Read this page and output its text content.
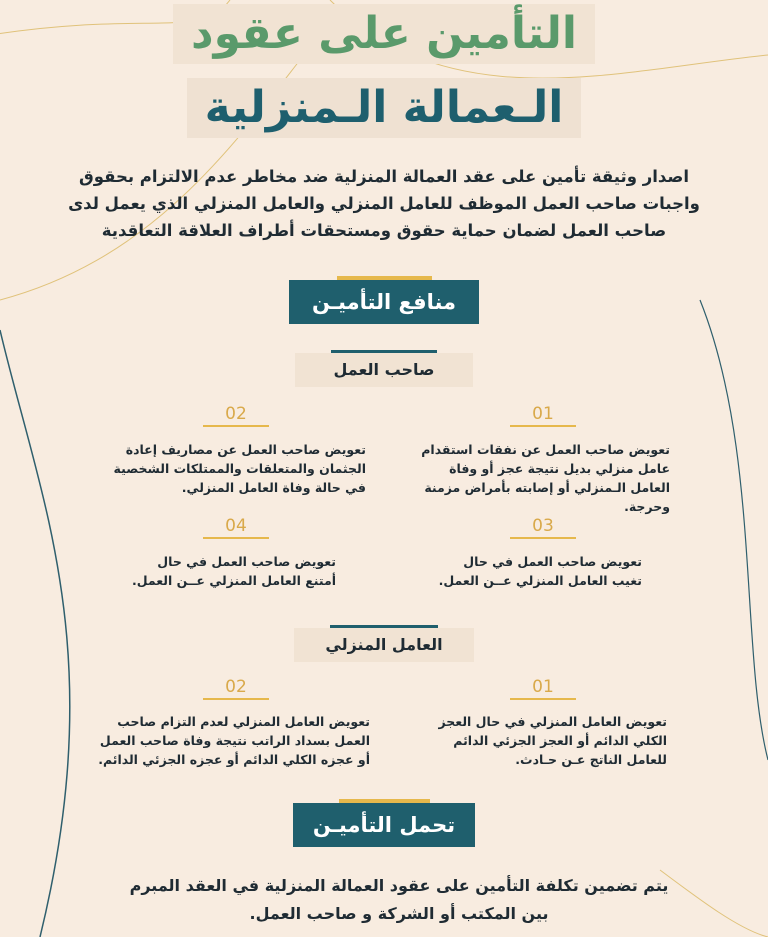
التأمين على عقود
الـعمالة الـمنزلية
اصدار وثيقة تأمين على عقد العمالة المنزلية ضد مخاطر عدم الالتزام بحقوق واجبات صاحب العمل الموظف للعامل المنزلي والعامل المنزلي الذي يعمل لدى صاحب العمل لضمان حماية حقوق ومستحقات أطراف العلاقة التعاقدية
منافع التأميـن
صاحب العمل
01
تعويض صاحب العمل عن نفقات استقدام عامل منزلي بديل نتيجة عجز أو وفاة العامل الـمنزلي أو إصابته بأمراض مزمنة وحرجة.
02
تعويض صاحب العمل عن مصاريف إعادة الجثمان والمتعلقات والممتلكات الشخصية في حالة وفاة العامل المنزلي.
03
تعويض صاحب العمل في حال تغيب العامل المنزلي عــن العمل.
04
تعويض صاحب العمل في حال أمتنع العامل المنزلي عــن العمل.
العامل المنزلي
01
تعويض العامل المنزلي في حال العجز الكلي الدائم أو العجز الجزئي الدائم للعامل الناتج عـن حـادث.
02
تعويض العامل المنزلي لعدم التزام صاحب العمل بسداد الراتب نتيجة وفاة صاحب العمل أو عجزه الكلي الدائم أو عجزه الجزئي الدائم.
تحمل التأميـن
يتم تضمين تكلفة التأمين على عقود العمالة المنزلية في العقد المبرم بين المكتب أو الشركة و صاحب العمل.
